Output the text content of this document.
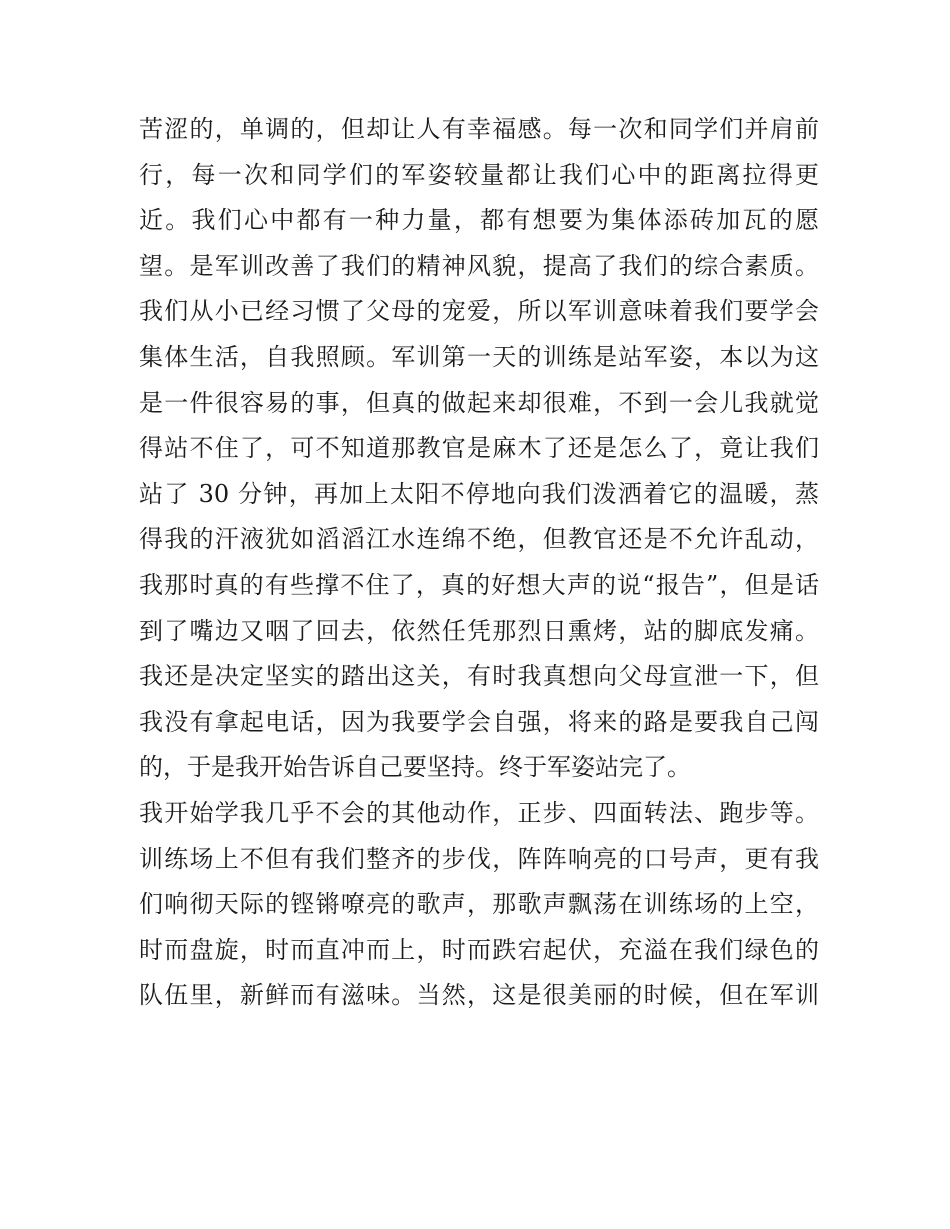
苦涩的，单调的，但却让人有幸福感。每一次和同学们并肩前
行，每一次和同学们的军姿较量都让我们心中的距离拉得更
近。我们心中都有一种力量，都有想要为集体添砖加瓦的愿
望。是军训改善了我们的精神风貌，提高了我们的综合素质。
我们从小已经习惯了父母的宠爱，所以军训意味着我们要学会
集体生活，自我照顾。军训第一天的训练是站军姿，本以为这
是一件很容易的事，但真的做起来却很难，不到一会儿我就觉
得站不住了，可不知道那教官是麻木了还是怎么了，竟让我们
站了 30 分钟，再加上太阳不停地向我们泼洒着它的温暖，蒸
得我的汗液犹如滔滔江水连绵不绝，但教官还是不允许乱动，
我那时真的有些撑不住了，真的好想大声的说“报告”，但是话
到了嘴边又咽了回去，依然任凭那烈日熏烤，站的脚底发痛。
我还是决定坚实的踏出这关，有时我真想向父母宣泄一下，但
我没有拿起电话，因为我要学会自强，将来的路是要我自己闯
的，于是我开始告诉自己要坚持。终于军姿站完了。
我开始学我几乎不会的其他动作，正步、四面转法、跑步等。
训练场上不但有我们整齐的步伐，阵阵响亮的口号声，更有我
们响彻天际的铿锵嘹亮的歌声，那歌声飘荡在训练场的上空，
时而盘旋，时而直冲而上，时而跌宕起伏，充溢在我们绿色的
队伍里，新鲜而有滋味。当然，这是很美丽的时候，但在军训
